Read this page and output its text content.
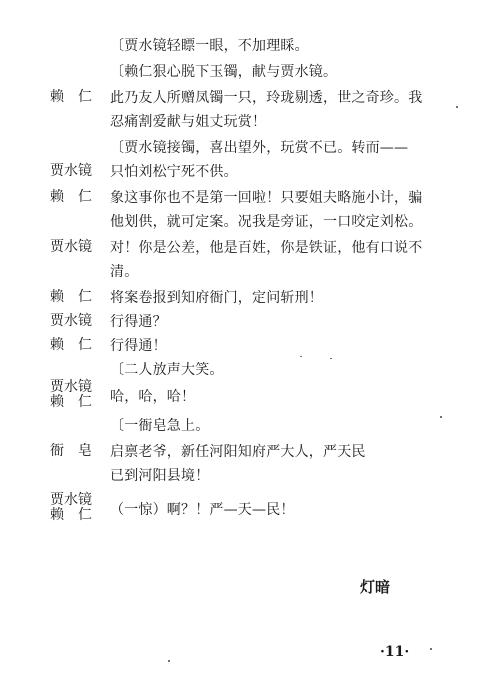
〔贾水镜轻瞟一眼，不加理睬。
〔赖仁狠心脱下玉镯，献与贾水镜。
赖　仁 此乃友人所赠凤镯一只，玲珑剔透，世之奇珍。我
忍痛割爱献与姐丈玩赏！
〔贾水镜接镯，喜出望外，玩赏不已。转而——
贾水镜 只怕刘松宁死不供。
赖　仁 象这事你也不是第一回啦！只要姐夫略施小计，骗
他划供，就可定案。况我是旁证，一口咬定刘松。
贾水镜 对！你是公差，他是百姓，你是铁证，他有口说不
清。
赖　仁 将案卷报到知府衙门，定问斩刑！
贾水镜 行得通？
赖　仁 行得通！
〔二人放声大笑。
贾水镜
赖　仁 哈，哈，哈！
〔一衙皂急上。
衙　皂 启禀老爷，新任河阳知府严大人，严天民
已到河阳县境！
贾水镜
赖　仁 （一惊）啊？！严—天—民！
灯暗
·11·
